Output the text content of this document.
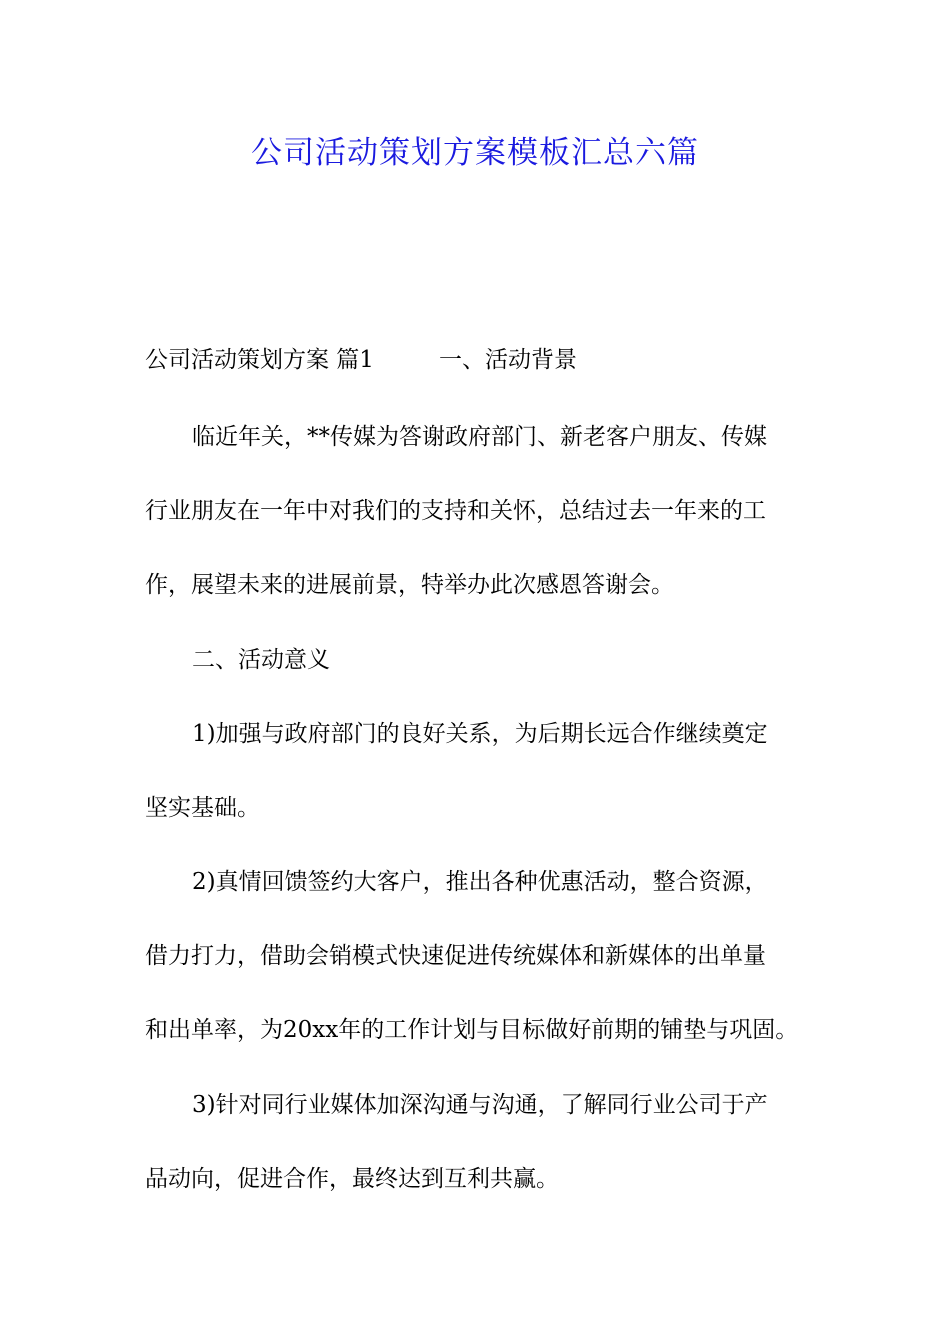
公司活动策划方案模板汇总六篇
公司活动策划方案 篇1	一、活动背景
临近年关，**传媒为答谢政府部门、新老客户朋友、传媒
行业朋友在一年中对我们的支持和关怀，总结过去一年来的工
作，展望未来的进展前景，特举办此次感恩答谢会。
二、活动意义
1)加强与政府部门的良好关系，为后期长远合作继续奠定
坚实基础。
2)真情回馈签约大客户，推出各种优惠活动，整合资源，
借力打力，借助会销模式快速促进传统媒体和新媒体的出单量
和出单率，为20xx年的工作计划与目标做好前期的铺垫与巩固。
3)针对同行业媒体加深沟通与沟通，了解同行业公司于产
品动向，促进合作，最终达到互利共赢。
